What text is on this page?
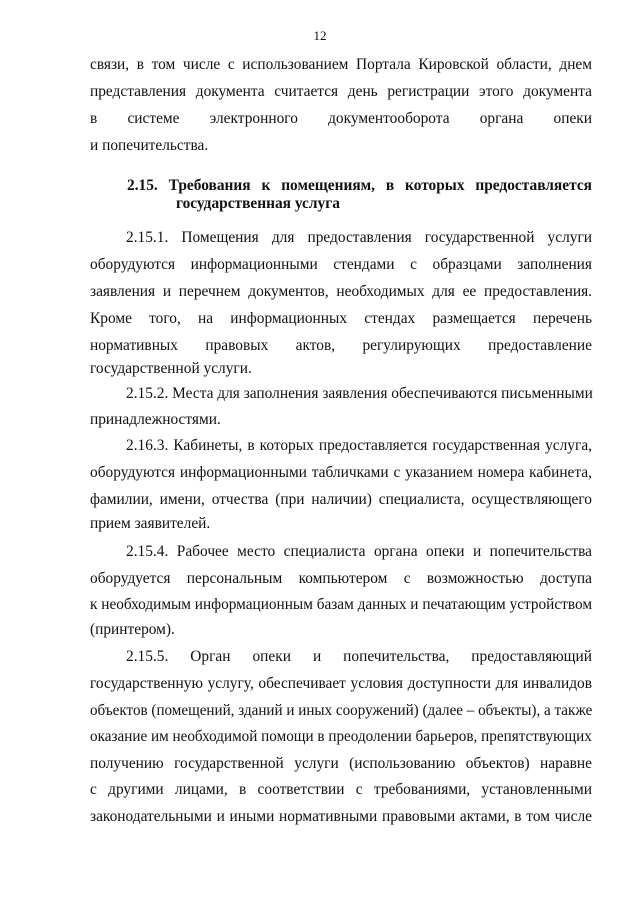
12
связи, в том числе с использованием Портала Кировской области, днем
представления документа считается день регистрации этого документа
в системе электронного документооборота органа опеки
и попечительства.
2.15. Требования к помещениям, в которых предоставляется
государственная услуга
2.15.1. Помещения для предоставления государственной услуги
оборудуются информационными стендами с образцами заполнения
заявления и перечнем документов, необходимых для ее предоставления.
Кроме того, на информационных стендах размещается перечень
нормативных правовых актов, регулирующих предоставление
государственной услуги.
2.15.2. Места для заполнения заявления обеспечиваются письменными
принадлежностями.
2.16.3. Кабинеты, в которых предоставляется государственная услуга,
оборудуются информационными табличками с указанием номера кабинета,
фамилии, имени, отчества (при наличии) специалиста, осуществляющего
прием заявителей.
2.15.4. Рабочее место специалиста органа опеки и попечительства
оборудуется персональным компьютером с возможностью доступа
к необходимым информационным базам данных и печатающим устройством
(принтером).
2.15.5. Орган опеки и попечительства, предоставляющий
государственную услугу, обеспечивает условия доступности для инвалидов
объектов (помещений, зданий и иных сооружений) (далее – объекты), а также
оказание им необходимой помощи в преодолении барьеров, препятствующих
получению государственной услуги (использованию объектов) наравне
с другими лицами, в соответствии с требованиями, установленными
законодательными и иными нормативными правовыми актами, в том числе
